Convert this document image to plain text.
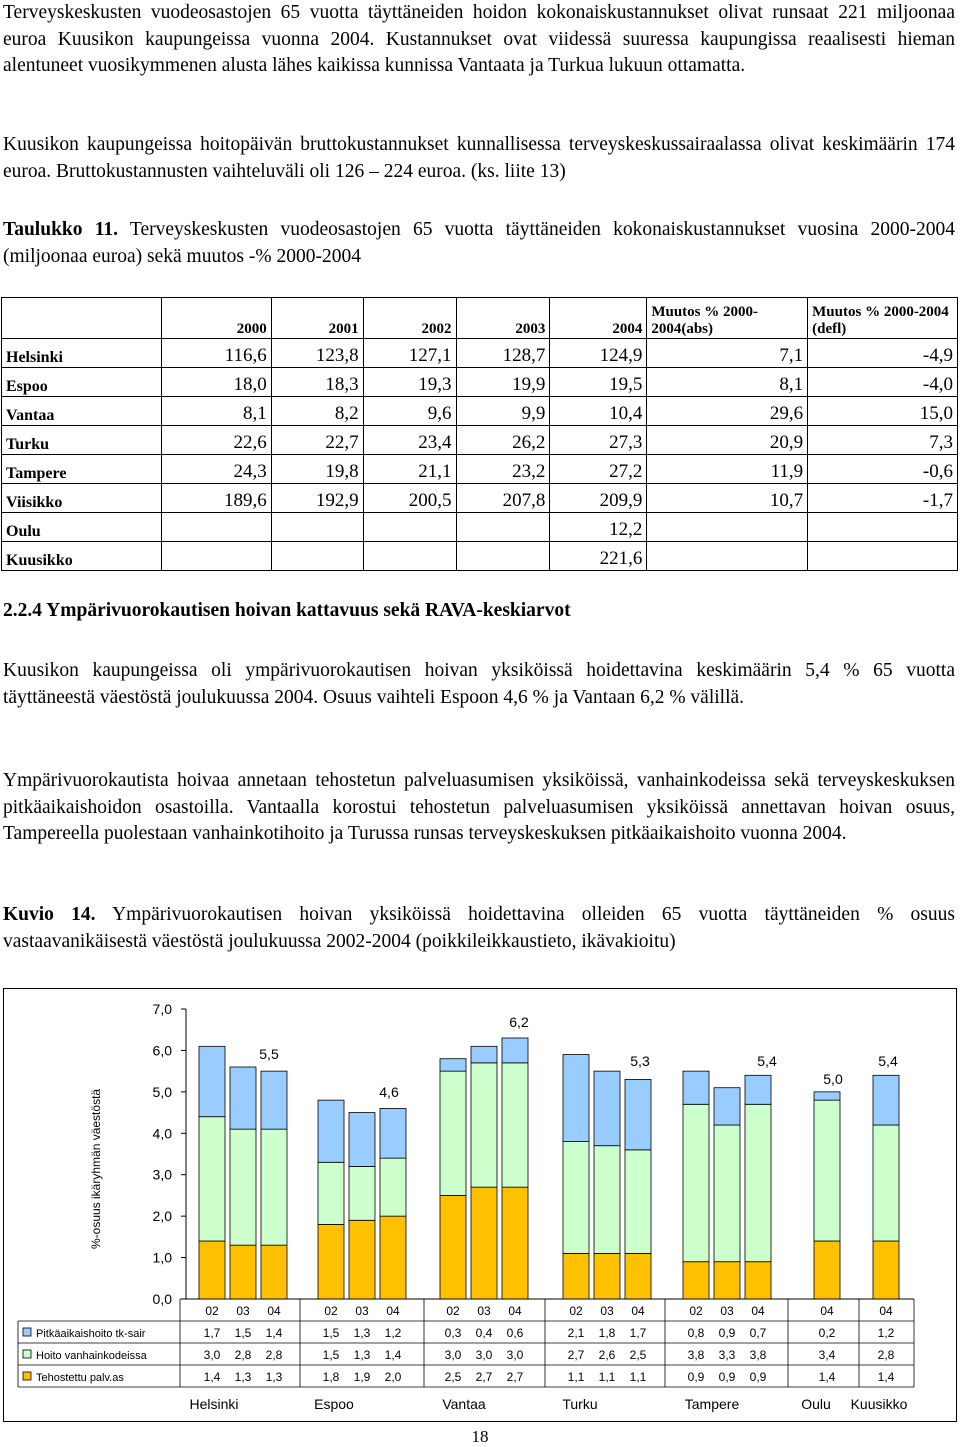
Terveyskeskusten vuodeosastojen 65 vuotta täyttäneiden hoidon kokonaiskustannukset olivat runsaat 221 miljoonaa euroa Kuusikon kaupungeissa vuonna 2004. Kustannukset ovat viidessä suuressa kaupungissa reaalisesti hieman alentuneet vuosikymmenen alusta lähes kaikissa kunnissa Vantaata ja Turkua lukuun ottamatta.

Kuusikon kaupungeissa hoitopäivän bruttokustannukset kunnallisessa terveyskeskussairaalassa olivat keskimäärin 174 euroa. Bruttokustannusten vaihteluväli oli 126 – 224 euroa. (ks. liite 13)

Taulukko 11. Terveyskeskusten vuodeosastojen 65 vuotta täyttäneiden kokonaiskustannukset vuosina 2000-2004 (miljoonaa euroa) sekä muutos -% 2000-2004

	2000	2001	2002	2003	2004	Muutos % 2000-2004(abs)	Muutos % 2000-2004 (defl)
Helsinki	116,6	123,8	127,1	128,7	124,9	7,1	-4,9
Espoo	18,0	18,3	19,3	19,9	19,5	8,1	-4,0
Vantaa	8,1	8,2	9,6	9,9	10,4	29,6	15,0
Turku	22,6	22,7	23,4	26,2	27,3	20,9	7,3
Tampere	24,3	19,8	21,1	23,2	27,2	11,9	-0,6
Viisikko	189,6	192,9	200,5	207,8	209,9	10,7	-1,7
Oulu					12,2		
Kuusikko					221,6		

2.2.4 Ympärivuorokautisen hoivan kattavuus sekä RAVA-keskiarvot

Kuusikon kaupungeissa oli ympärivuorokautisen hoivan yksiköissä hoidettavina keskimäärin 5,4 % 65 vuotta täyttäneestä väestöstä joulukuussa 2004. Osuus vaihteli Espoon 4,6 % ja Vantaan 6,2 % välillä.

Ympärivuorokautista hoivaa annetaan tehostetun palveluasumisen yksiköissä, vanhainkodeissa sekä terveyskeskuksen pitkäaikaishoidon osastoilla. Vantaalla korostui tehostetun palveluasumisen yksiköissä annettavan hoivan osuus, Tampereella puolestaan vanhainkotihoito ja Turussa runsas terveyskeskuksen pitkäaikaishoito vuonna 2004.

Kuvio 14. Ympärivuorokautisen hoivan yksiköissä hoidettavina olleiden 65 vuotta täyttäneiden % osuus vastaavanikäisestä väestöstä joulukuussa 2002-2004 (poikkileikkaustieto, ikävakioitu)

0,0
1,0
2,0
3,0
4,0
5,0
6,0
7,0
%-osuus ikäryhmän väestöstä
5,5
4,6
6,2
5,3	5,4
5,0
5,4
02 03 04	02 03 04	02 03 04	02 03 04	02 03 04	04	04
Pitkäaikaishoito tk-sair	1,7 1,5 1,4	1,5 1,3 1,2	0,3 0,4 0,6	2,1 1,8 1,7	0,8 0,9 0,7	0,2	1,2
Hoito vanhainkodeissa	3,0 2,8 2,8	1,5 1,3 1,4	3,0 3,0 3,0	2,7 2,6 2,5	3,8 3,3 3,8	3,4	2,8
Tehostettu palv.as	1,4 1,3 1,3	1,8 1,9 2,0	2,5 2,7 2,7	1,1 1,1 1,1	0,9 0,9 0,9	1,4	1,4
Helsinki	Espoo	Vantaa	Turku	Tampere	Oulu Kuusikko
18
